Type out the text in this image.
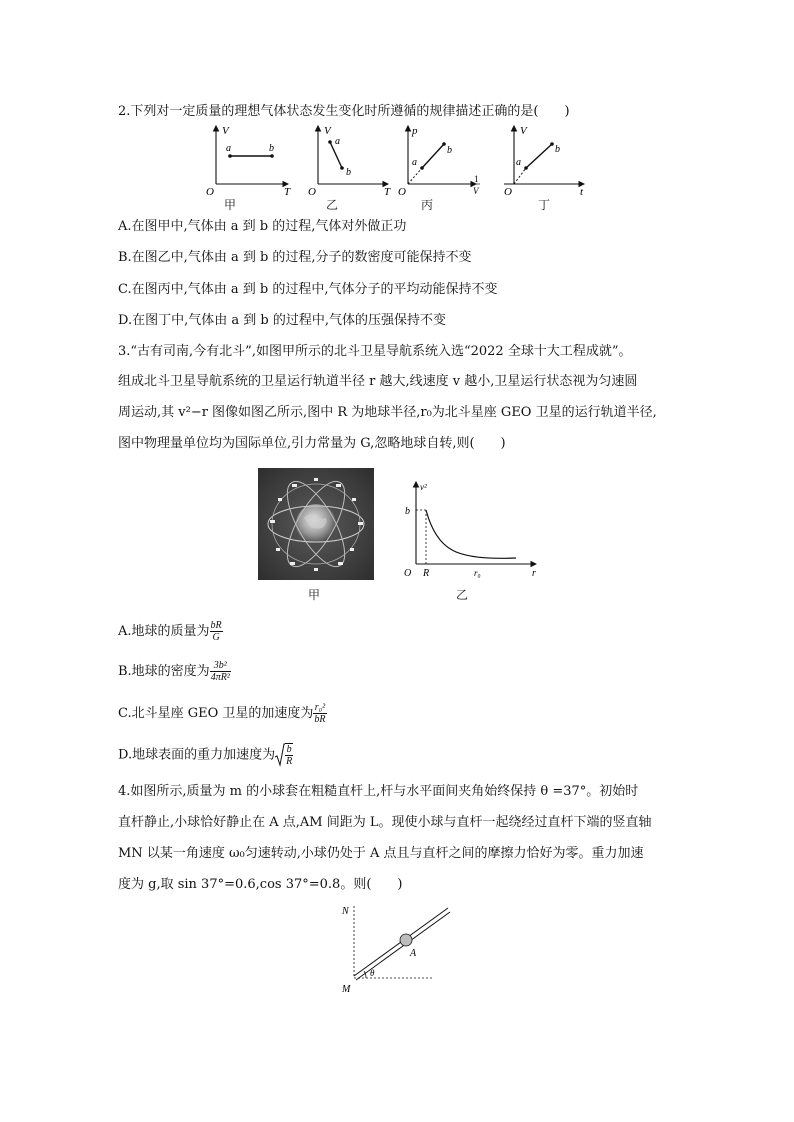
2.下列对一定质量的理想气体状态发生变化时所遵循的规律描述正确的是(　　)
V
T
O
a	b
V
T
O
a
b
p
1
V
O
a
b
V
t
O
a
b
甲	乙	丙	丁
A.在图甲中,气体由 a 到 b 的过程,气体对外做正功
B.在图乙中,气体由 a 到 b 的过程,分子的数密度可能保持不变
C.在图丙中,气体由 a 到 b 的过程中,气体分子的平均动能保持不变
D.在图丁中,气体由 a 到 b 的过程中,气体的压强保持不变
3.“古有司南,今有北斗”,如图甲所示的北斗卫星导航系统入选“2022 全球十大工程成就”。
组成北斗卫星导航系统的卫星运行轨道半径 r 越大,线速度 v 越小,卫星运行状态视为匀速圆
周运动,其 v²−r 图像如图乙所示,图中 R 为地球半径,r₀为北斗星座 GEO 卫星的运行轨道半径,
图中物理量单位均为国际单位,引力常量为 G,忽略地球自转,则(　　)
甲
v²
r
O
b
R	r₀
乙
A.地球的质量为 $\frac{bR}{G}$
B.地球的密度为 $\frac{\text{3b²}}{\text{4πR²}}$
C.北斗星座 GEO 卫星的加速度为 $\frac{\text{r₀²}}{bR}$
D.地球表面的重力加速度为 $\frac{b}{R}$
4.如图所示,质量为 m 的小球套在粗糙直杆上,杆与水平面间夹角始终保持 θ =37°。初始时
直杆静止,小球恰好静止在 A 点,AM 间距为 L。现使小球与直杆一起绕经过直杆下端的竖直轴
MN 以某一角速度 ω₀匀速转动,小球仍处于 A 点且与直杆之间的摩擦力恰好为零。重力加速
度为 g,取 sin 37°=0.6,cos 37°=0.8。则(　　)
N
M
A
θ
